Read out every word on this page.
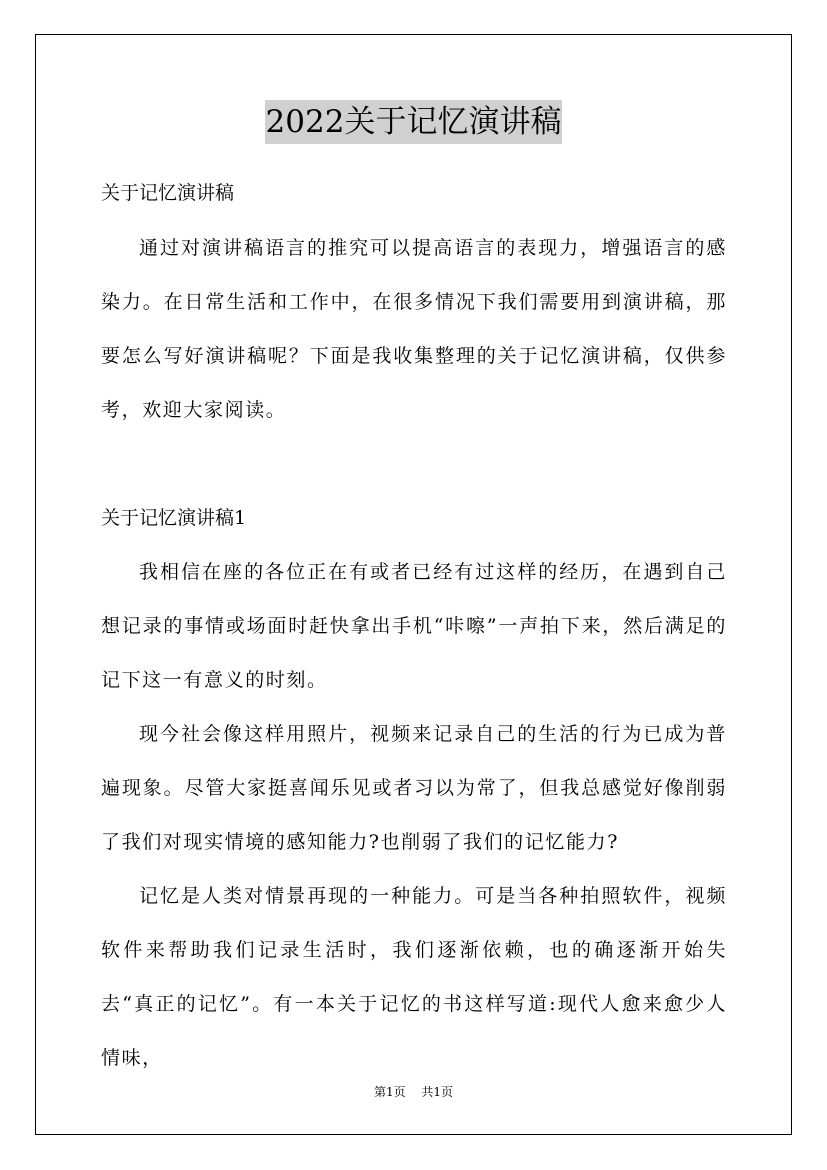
2022关于记忆演讲稿
关于记忆演讲稿

通过对演讲稿语言的推究可以提高语言的表现力，增强语言的感染力。在日常生活和工作中，在很多情况下我们需要用到演讲稿，那要怎么写好演讲稿呢？下面是我收集整理的关于记忆演讲稿，仅供参考，欢迎大家阅读。

关于记忆演讲稿1

我相信在座的各位正在有或者已经有过这样的经历，在遇到自己想记录的事情或场面时赶快拿出手机“咔嚓”一声拍下来，然后满足的记下这一有意义的时刻。

现今社会像这样用照片，视频来记录自己的生活的行为已成为普遍现象。尽管大家挺喜闻乐见或者习以为常了，但我总感觉好像削弱了我们对现实情境的感知能力?也削弱了我们的记忆能力?

记忆是人类对情景再现的一种能力。可是当各种拍照软件，视频软件来帮助我们记录生活时，我们逐渐依赖，也的确逐渐开始失去“真正的记忆”。有一本关于记忆的书这样写道:现代人愈来愈少人情味，

第1页 共1页
